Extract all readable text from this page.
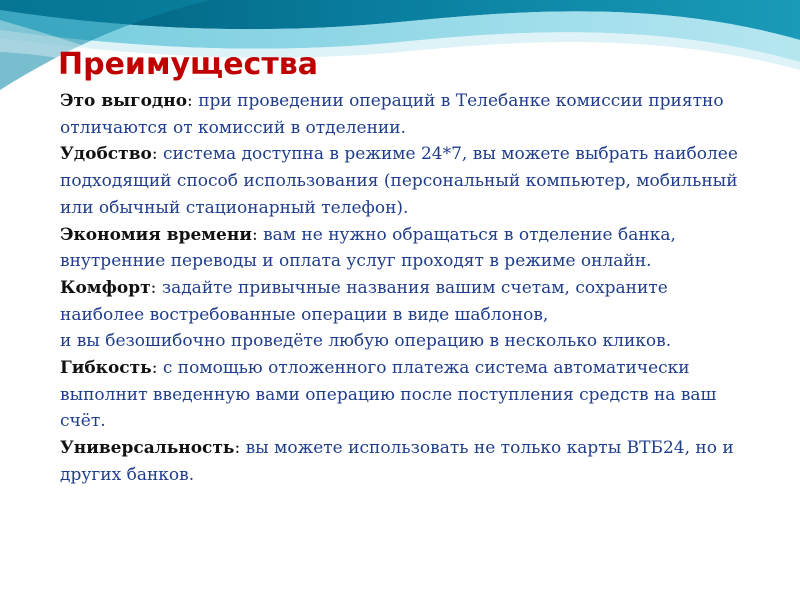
Преимущества

Это выгодно: при проведении операций в Телебанке комиссии приятно отличаются от комиссий в отделении.

Удобство: система доступна в режиме 24*7, вы можете выбрать наиболее подходящий способ использования (персональный компьютер, мобильный или обычный стационарный телефон).

Экономия времени: вам не нужно обращаться в отделение банка, внутренние переводы и оплата услуг проходят в режиме онлайн.

Комфорт: задайте привычные названия вашим счетам, сохраните наиболее востребованные операции в виде шаблонов,
и вы безошибочно проведёте любую операцию в несколько кликов.

Гибкость: с помощью отложенного платежа система автоматически выполнит введенную вами операцию после поступления средств на ваш счёт.

Универсальность: вы можете использовать не только карты ВТБ24, но и других банков.
